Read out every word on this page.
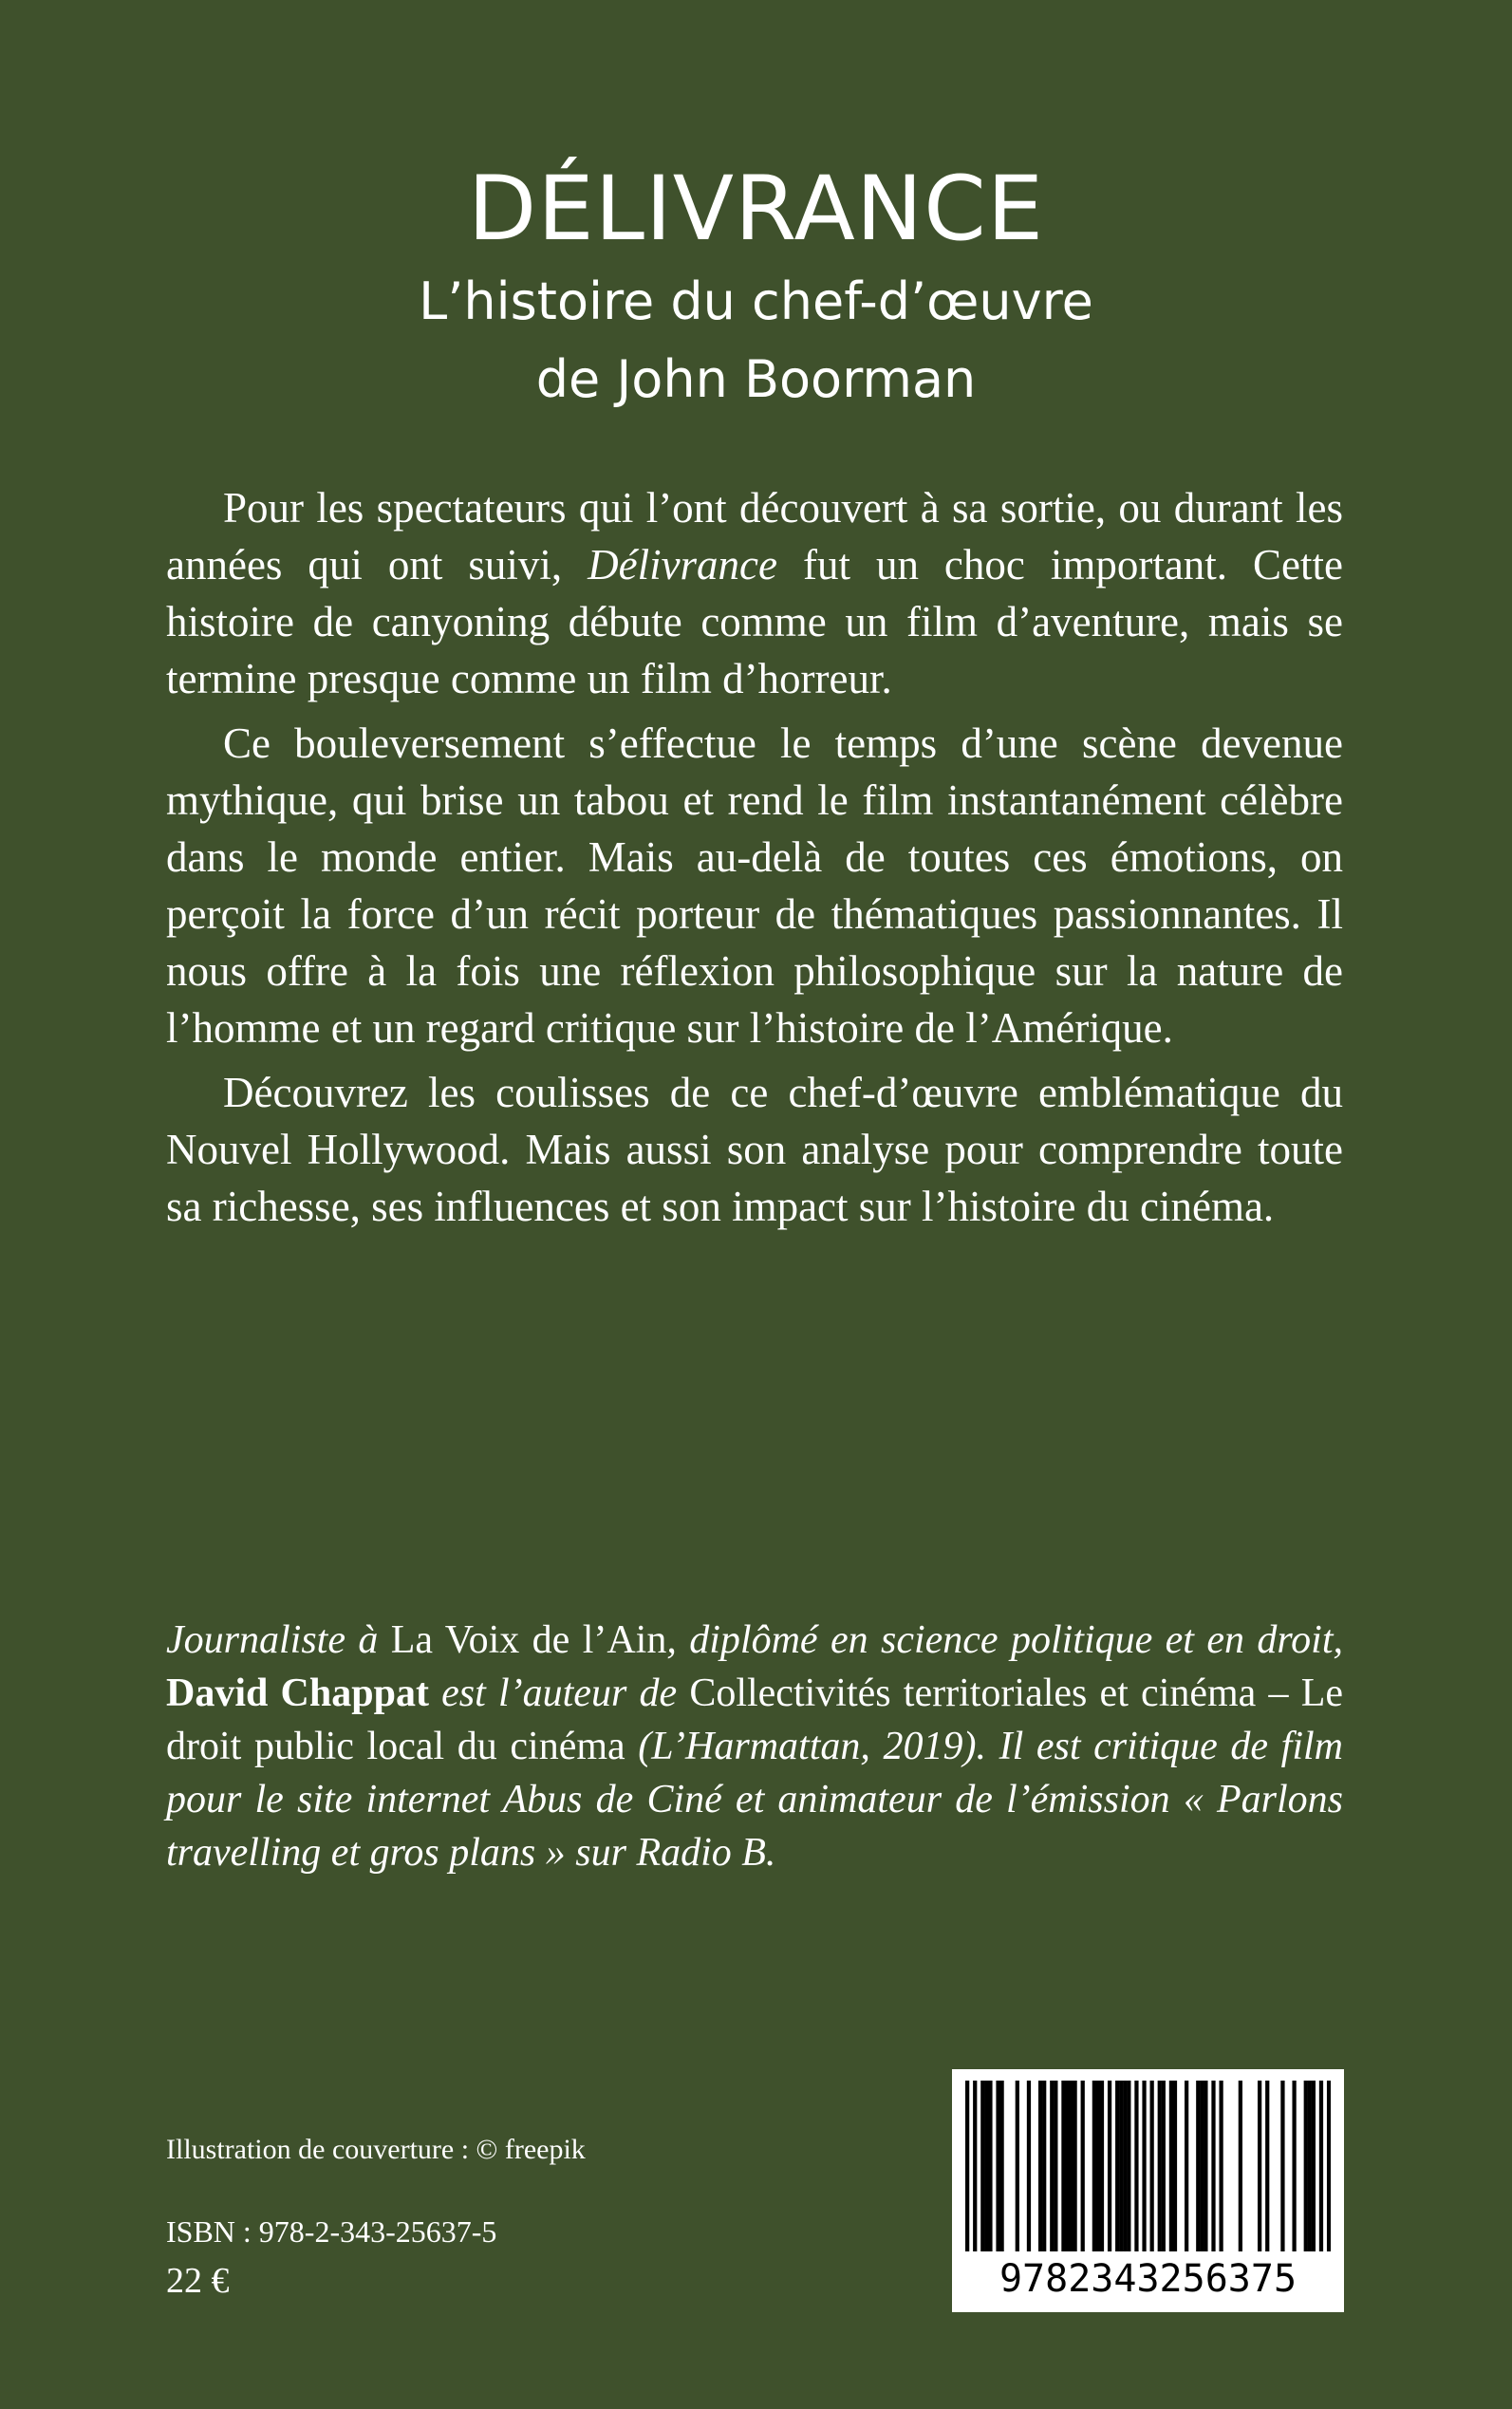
DÉLIVRANCE
L’histoire du chef-d’œuvre
de John Boorman

Pour les spectateurs qui l’ont découvert à sa sortie, ou durant les années qui ont suivi, Délivrance fut un choc important. Cette histoire de canyoning débute comme un film d’aventure, mais se termine presque comme un film d’horreur.

Ce bouleversement s’effectue le temps d’une scène devenue mythique, qui brise un tabou et rend le film instantanément célèbre dans le monde entier. Mais au-delà de toutes ces émotions, on perçoit la force d’un récit porteur de thématiques passionnantes. Il nous offre à la fois une réflexion philosophique sur la nature de l’homme et un regard critique sur l’histoire de l’Amérique.

Découvrez les coulisses de ce chef-d’œuvre emblématique du Nouvel Hollywood. Mais aussi son analyse pour comprendre toute sa richesse, ses influences et son impact sur l’histoire du cinéma.

Journaliste à La Voix de l’Ain, diplômé en science politique et en droit, David Chappat est l’auteur de Collectivités territoriales et cinéma – Le droit public local du cinéma (L’Harmattan, 2019). Il est critique de film pour le site internet Abus de Ciné et animateur de l’émission « Parlons travelling et gros plans » sur Radio B.
Illustration de couverture : © freepik
ISBN : 978-2-343-25637-5
22 €	9782343256375
